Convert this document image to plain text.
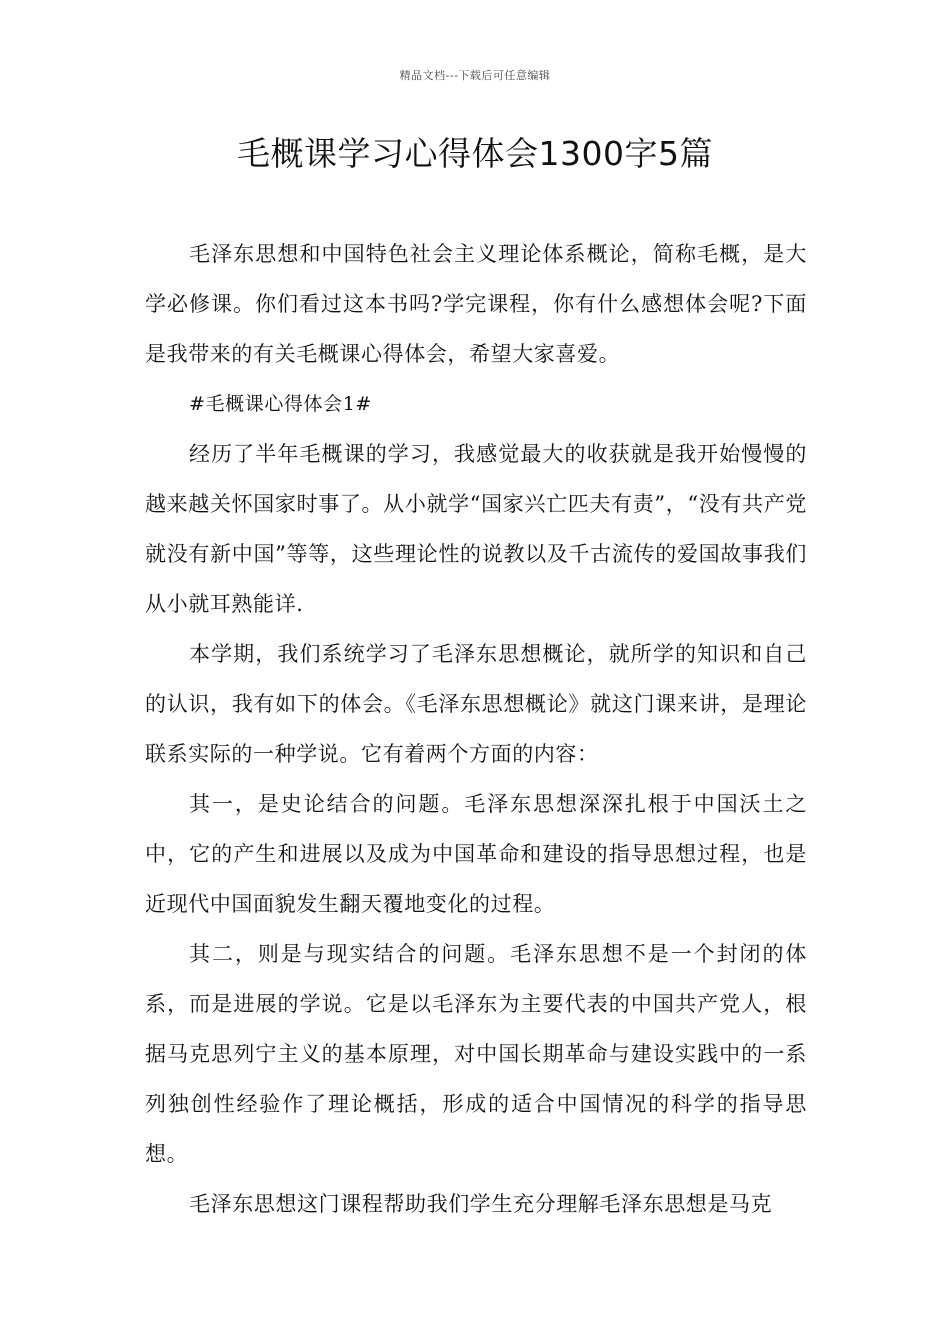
精品文档---下载后可任意编辑
毛概课学习心得体会1300字5篇

毛泽东思想和中国特色社会主义理论体系概论，简称毛概，是大学必修课。你们看过这本书吗?学完课程，你有什么感想体会呢?下面是我带来的有关毛概课心得体会，希望大家喜爱。

#毛概课心得体会1#

经历了半年毛概课的学习，我感觉最大的收获就是我开始慢慢的越来越关怀国家时事了。从小就学“国家兴亡匹夫有责”，“没有共产党就没有新中国”等等，这些理论性的说教以及千古流传的爱国故事我们从小就耳熟能详.

本学期，我们系统学习了毛泽东思想概论，就所学的知识和自己的认识，我有如下的体会。《毛泽东思想概论》就这门课来讲，是理论联系实际的一种学说。它有着两个方面的内容：

其一，是史论结合的问题。毛泽东思想深深扎根于中国沃土之中，它的产生和进展以及成为中国革命和建设的指导思想过程，也是近现代中国面貌发生翻天覆地变化的过程。

其二，则是与现实结合的问题。毛泽东思想不是一个封闭的体系，而是进展的学说。它是以毛泽东为主要代表的中国共产党人，根据马克思列宁主义的基本原理，对中国长期革命与建设实践中的一系列独创性经验作了理论概括，形成的适合中国情况的科学的指导思想。

毛泽东思想这门课程帮助我们学生充分理解毛泽东思想是马克
